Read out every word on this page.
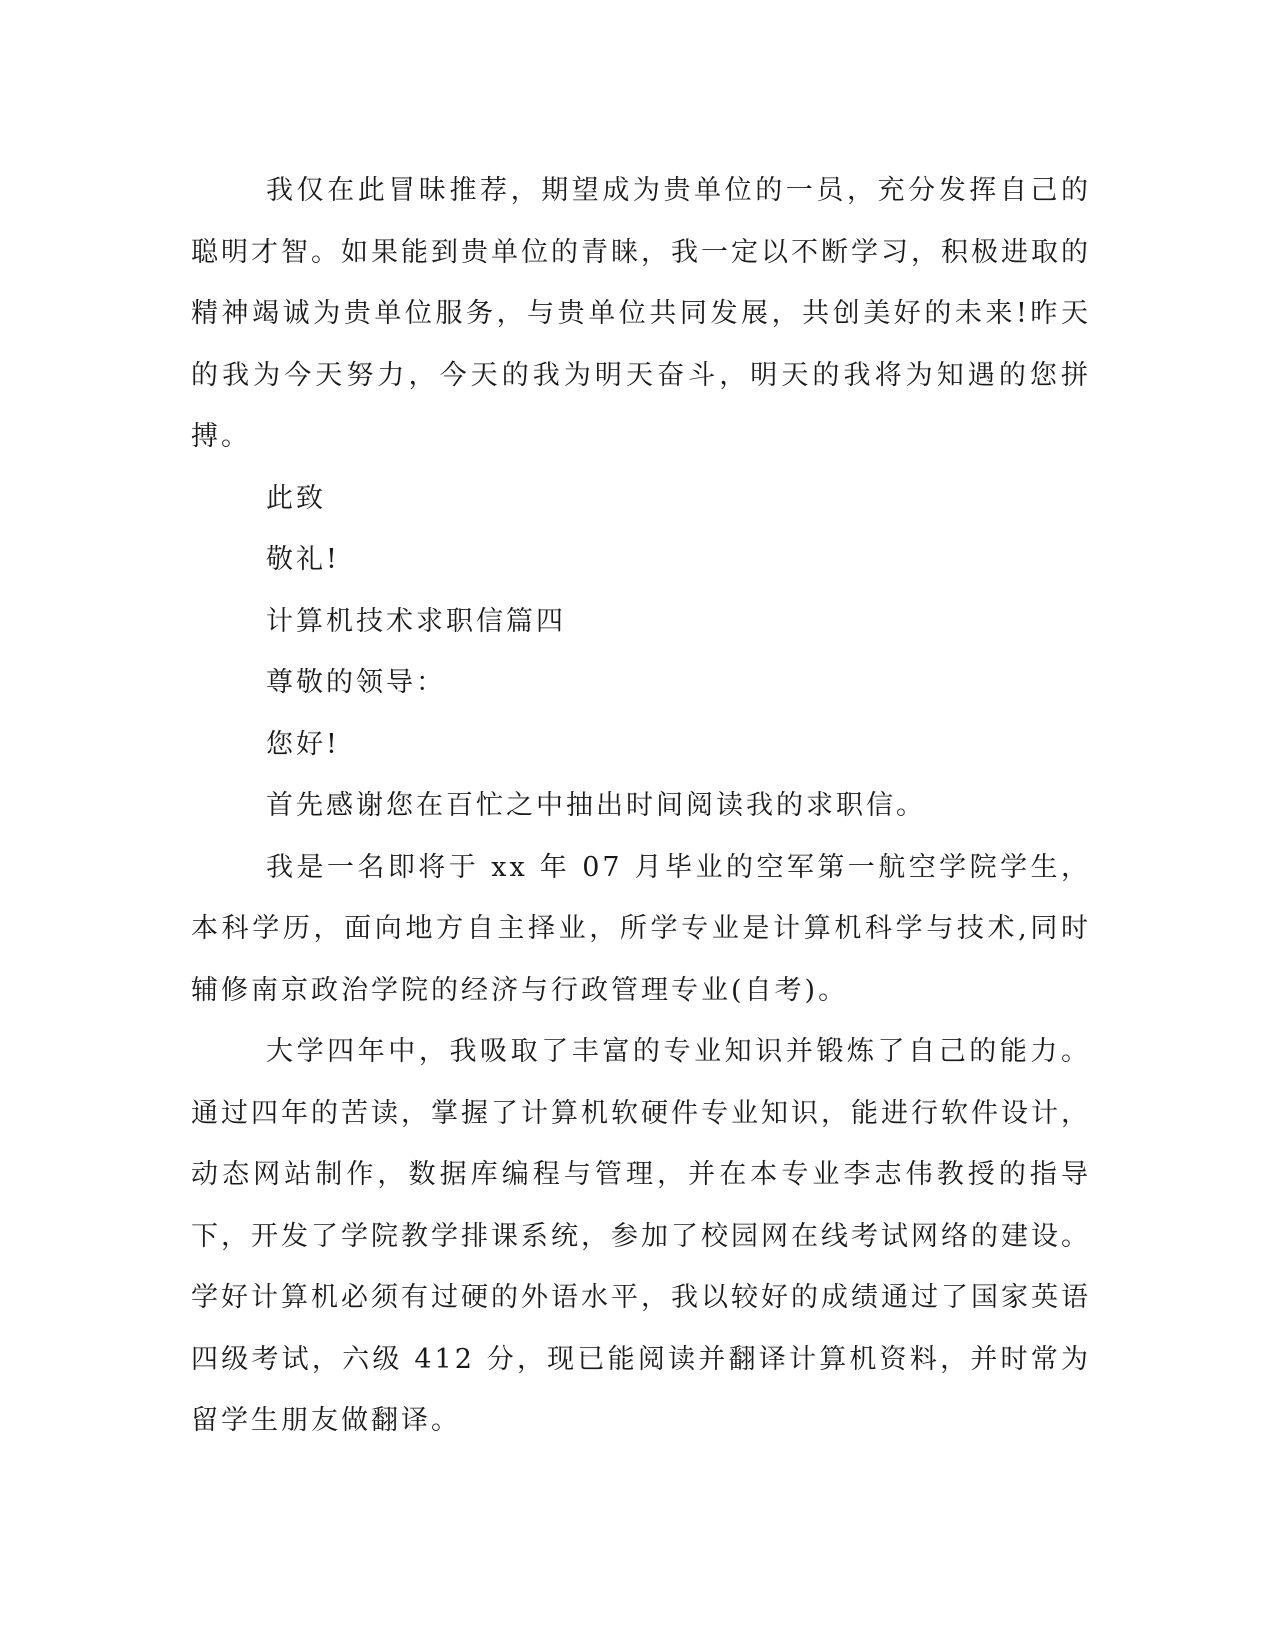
我仅在此冒昧推荐，期望成为贵单位的一员，充分发挥自己的聪明才智。如果能到贵单位的青睐，我一定以不断学习，积极进取的精神竭诚为贵单位服务，与贵单位共同发展，共创美好的未来!昨天的我为今天努力，今天的我为明天奋斗，明天的我将为知遇的您拼搏。

此致

敬礼!

计算机技术求职信篇四

尊敬的领导：

您好!

首先感谢您在百忙之中抽出时间阅读我的求职信。

我是一名即将于 xx 年 07 月毕业的空军第一航空学院学生，本科学历，面向地方自主择业，所学专业是计算机科学与技术,同时辅修南京政治学院的经济与行政管理专业(自考)。

大学四年中，我吸取了丰富的专业知识并锻炼了自己的能力。通过四年的苦读，掌握了计算机软硬件专业知识，能进行软件设计，动态网站制作，数据库编程与管理，并在本专业李志伟教授的指导下，开发了学院教学排课系统，参加了校园网在线考试网络的建设。学好计算机必须有过硬的外语水平，我以较好的成绩通过了国家英语四级考试，六级 412 分，现已能阅读并翻译计算机资料，并时常为留学生朋友做翻译。
